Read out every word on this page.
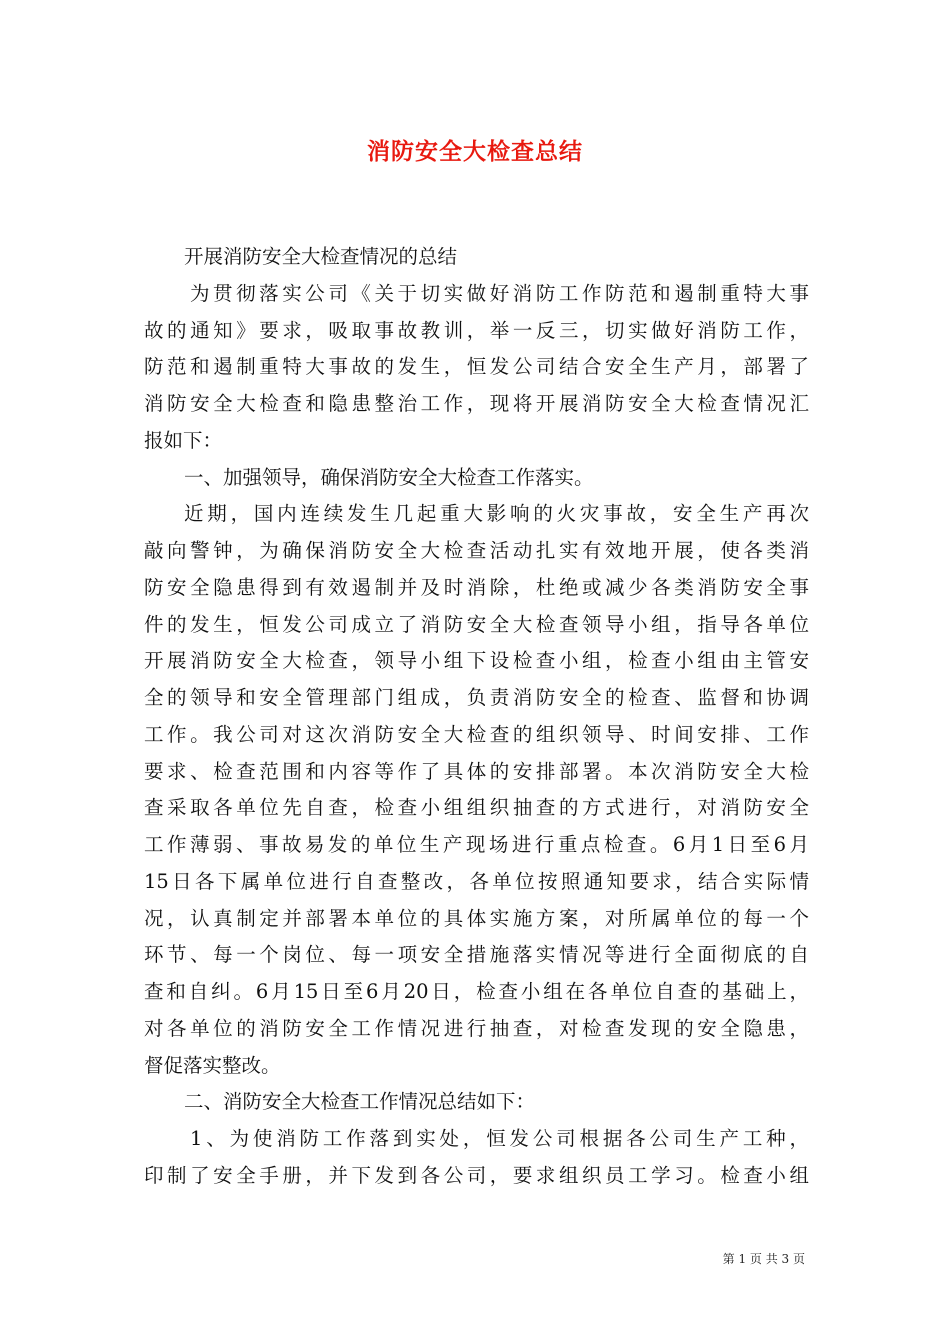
消防安全大检查总结
开展消防安全大检查情况的总结
为贯彻落实公司《关于切实做好消防工作防范和遏制重特大事
故的通知》要求，吸取事故教训，举一反三，切实做好消防工作，
防范和遏制重特大事故的发生，恒发公司结合安全生产月，部署了
消防安全大检查和隐患整治工作，现将开展消防安全大检查情况汇
报如下：
一、加强领导，确保消防安全大检查工作落实。
近期，国内连续发生几起重大影响的火灾事故，安全生产再次
敲向警钟，为确保消防安全大检查活动扎实有效地开展，使各类消
防安全隐患得到有效遏制并及时消除，杜绝或减少各类消防安全事
件的发生，恒发公司成立了消防安全大检查领导小组，指导各单位
开展消防安全大检查，领导小组下设检查小组，检查小组由主管安
全的领导和安全管理部门组成，负责消防安全的检查、监督和协调
工作。我公司对这次消防安全大检查的组织领导、时间安排、工作
要求、检查范围和内容等作了具体的安排部署。本次消防安全大检
查采取各单位先自查，检查小组组织抽查的方式进行，对消防安全
工作薄弱、事故易发的单位生产现场进行重点检查。6月1日至6月
15日各下属单位进行自查整改，各单位按照通知要求，结合实际情
况，认真制定并部署本单位的具体实施方案，对所属单位的每一个
环节、每一个岗位、每一项安全措施落实情况等进行全面彻底的自
查和自纠。6月15日至6月20日，检查小组在各单位自查的基础上，
对各单位的消防安全工作情况进行抽查，对检查发现的安全隐患，
督促落实整改。
二、消防安全大检查工作情况总结如下：
1、为使消防工作落到实处，恒发公司根据各公司生产工种，
印制了安全手册，并下发到各公司，要求组织员工学习。检查小组
第 1 页 共 3 页
